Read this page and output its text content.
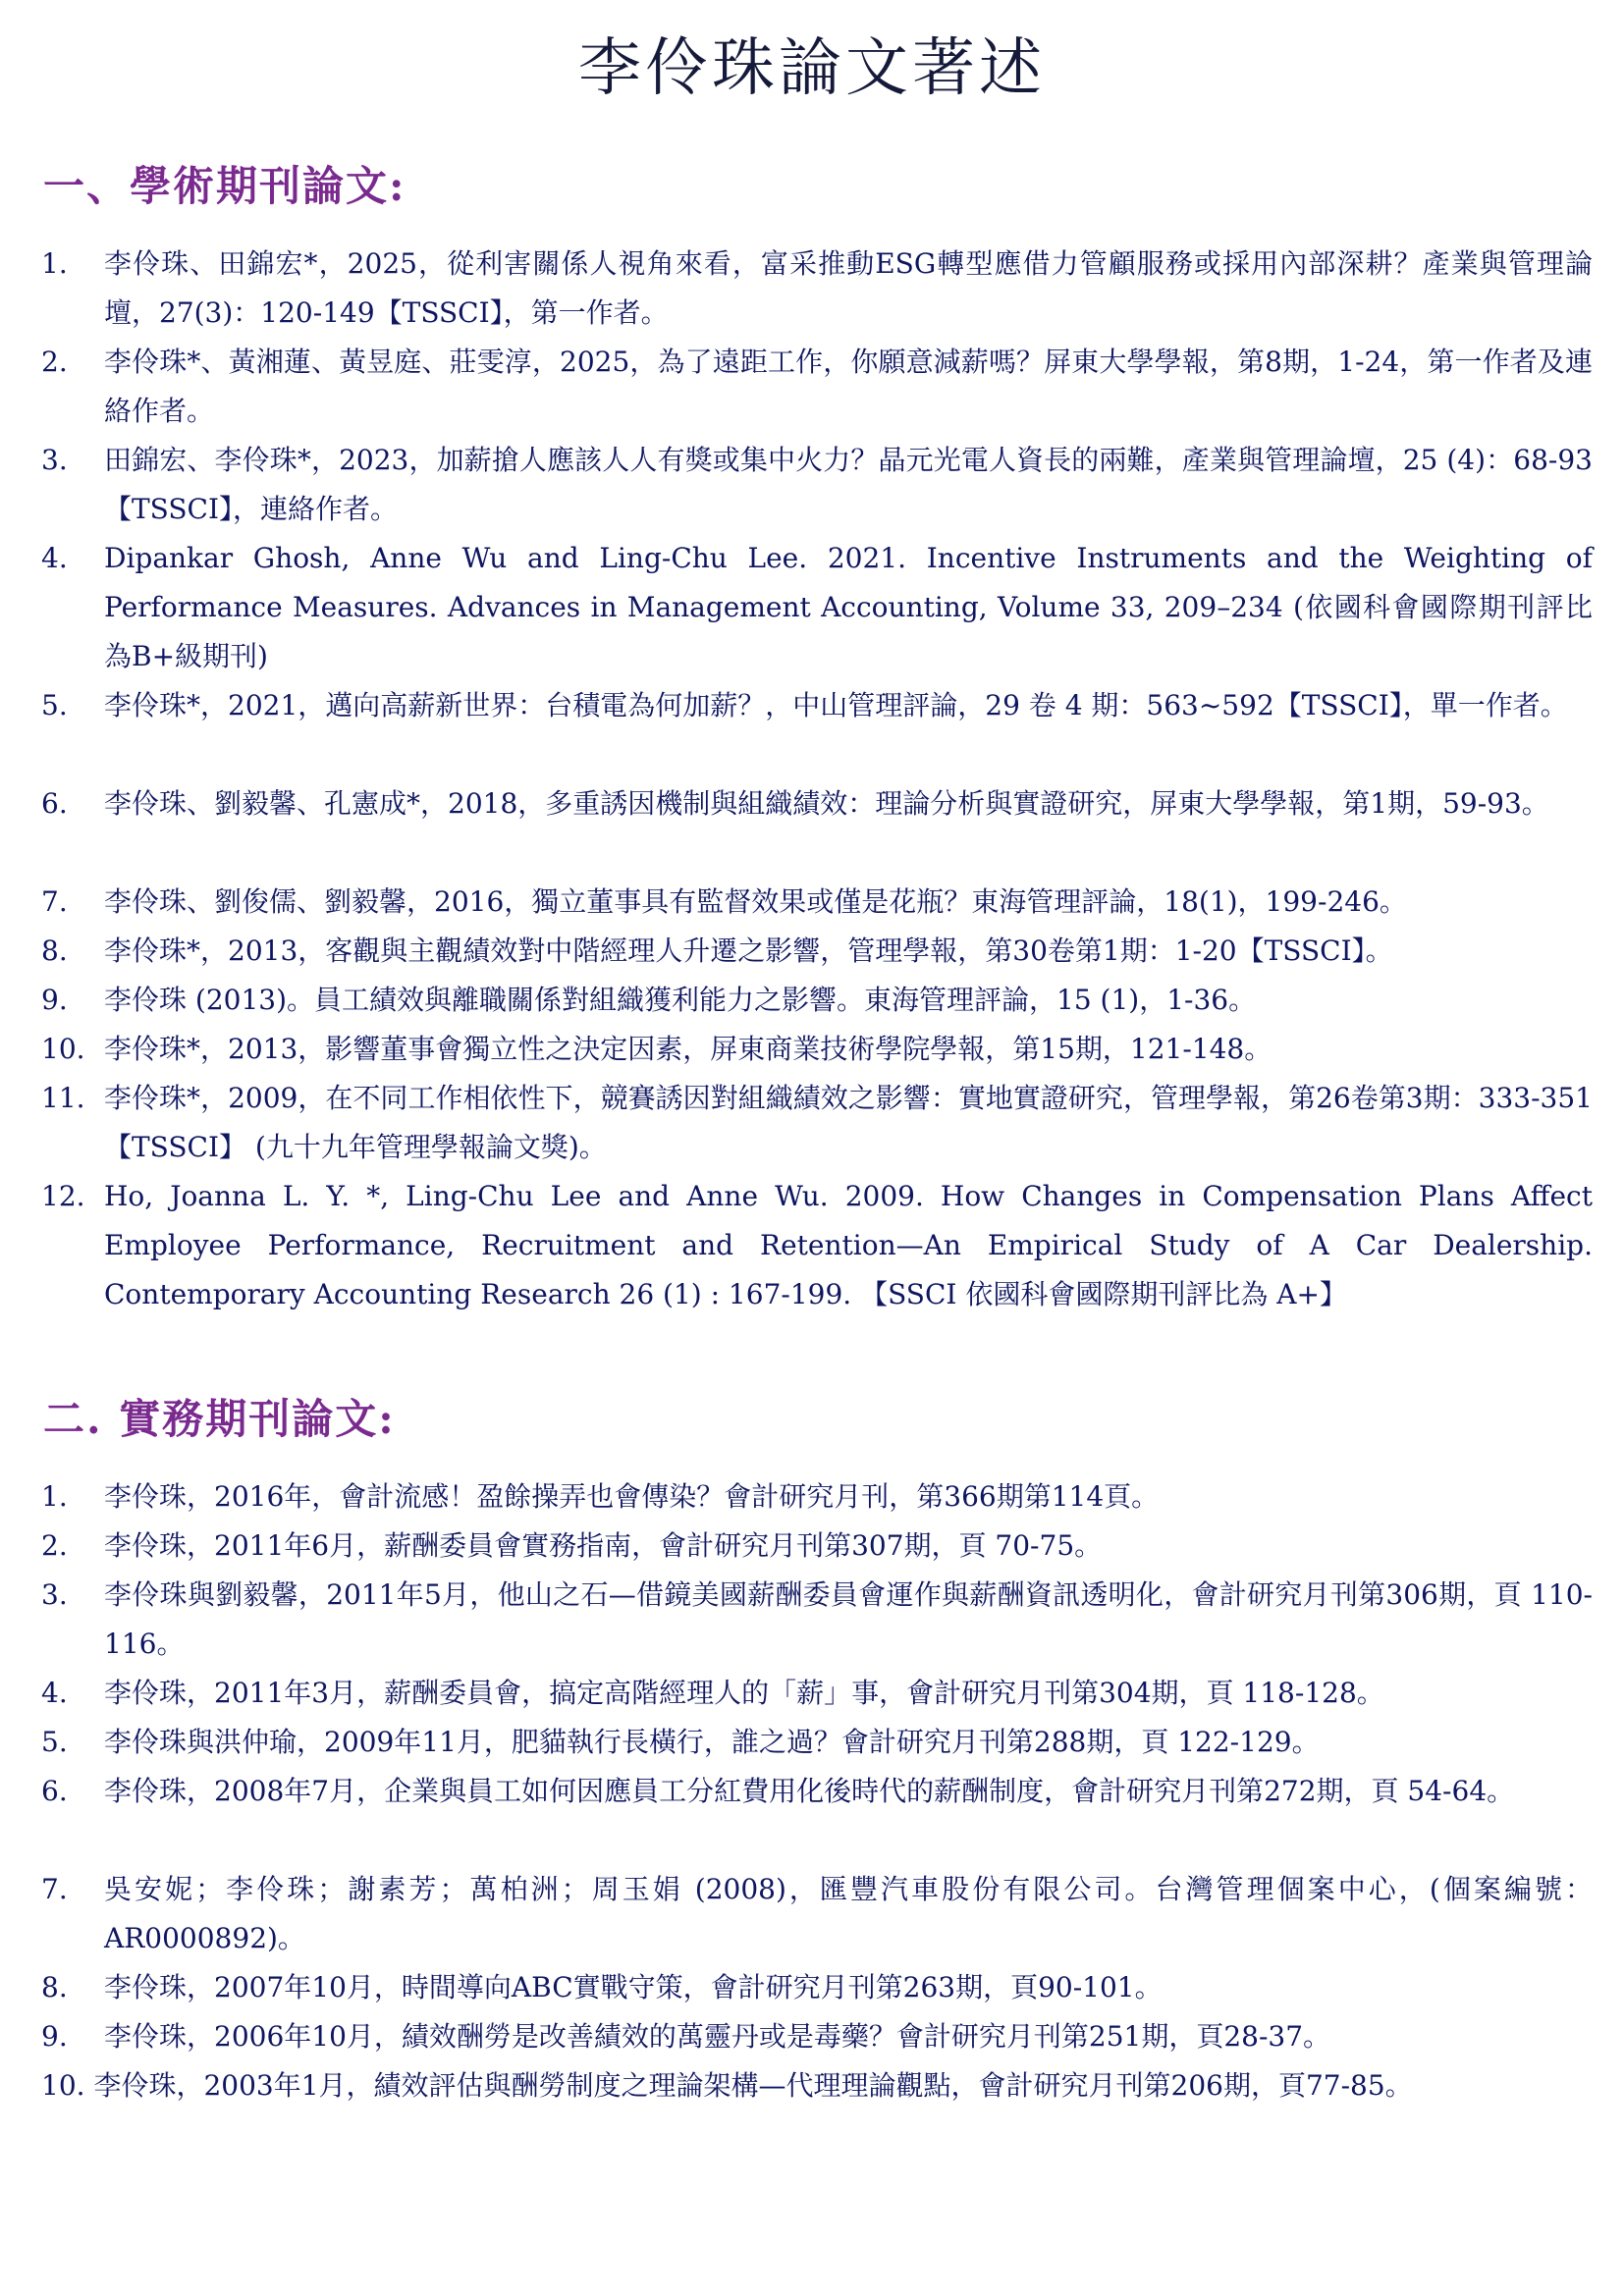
李伶珠論文著述
一、學術期刊論文:
1.	李伶珠、田錦宏*，2025，從利害關係人視角來看，富采推動ESG轉型應借力管顧服務或採用內部深耕？產業與管理論壇，27(3)：120-149【TSSCI】，第一作者。
2.	李伶珠*、黃湘蓮、黃昱庭、莊雯淳，2025，為了遠距工作，你願意減薪嗎？屏東大學學報，第8期，1-24，第一作者及連絡作者。
3.	田錦宏、李伶珠*，2023，加薪搶人應該人人有獎或集中火力？晶元光電人資長的兩難，產業與管理論壇，25 (4)：68-93【TSSCI】，連絡作者。
4.	Dipankar Ghosh, Anne Wu and Ling-Chu Lee. 2021. Incentive Instruments and the Weighting of Performance Measures. Advances in Management Accounting, Volume 33, 209–234 (依國科會國際期刊評比為B+級期刊)
5.	李伶珠*，2021，邁向高薪新世界：台積電為何加薪？，中山管理評論，29 卷 4 期：563~592【TSSCI】，單一作者。
6.	李伶珠、劉毅馨、孔憲成*，2018，多重誘因機制與組織績效：理論分析與實證研究，屏東大學學報，第1期，59-93。
7.	李伶珠、劉俊儒、劉毅馨，2016，獨立董事具有監督效果或僅是花瓶？東海管理評論，18(1)，199-246。
8.	李伶珠*，2013，客觀與主觀績效對中階經理人升遷之影響，管理學報，第30卷第1期：1-20【TSSCI】。
9.	李伶珠 (2013)。員工績效與離職關係對組織獲利能力之影響。東海管理評論，15 (1)，1-36。
10. 李伶珠*，2013，影響董事會獨立性之決定因素，屏東商業技術學院學報，第15期，121-148。
11. 李伶珠*，2009，在不同工作相依性下，競賽誘因對組織績效之影響：實地實證研究，管理學報，第26卷第3期：333-351【TSSCI】 (九十九年管理學報論文獎)。
12. Ho, Joanna L. Y. *, Ling-Chu Lee and Anne Wu. 2009. How Changes in Compensation Plans Affect Employee Performance, Recruitment and Retention—An Empirical Study of A Car Dealership. Contemporary Accounting Research 26 (1) : 167-199. 【SSCI 依國科會國際期刊評比為 A+】
二. 實務期刊論文:
1.	李伶珠，2016年，會計流感！盈餘操弄也會傳染？會計研究月刊，第366期第114頁。
2.	李伶珠，2011年6月，薪酬委員會實務指南，會計研究月刊第307期，頁 70-75。
3.	李伶珠與劉毅馨，2011年5月，他山之石—借鏡美國薪酬委員會運作與薪酬資訊透明化，會計研究月刊第306期，頁 110-116。
4.	李伶珠，2011年3月，薪酬委員會，搞定高階經理人的「薪」事，會計研究月刊第304期，頁 118-128。
5.	李伶珠與洪仲瑜，2009年11月，肥貓執行長橫行，誰之過？會計研究月刊第288期，頁 122-129。
6.	李伶珠，2008年7月，企業與員工如何因應員工分紅費用化後時代的薪酬制度，會計研究月刊第272期，頁 54-64。
7.	吳安妮；李伶珠；謝素芳；萬柏洲；周玉娟 (2008)，匯豐汽車股份有限公司。台灣管理個案中心，(個案編號：AR0000892)。
8.	李伶珠，2007年10月，時間導向ABC實戰守策，會計研究月刊第263期，頁90-101。
9.	李伶珠，2006年10月，績效酬勞是改善績效的萬靈丹或是毒藥？會計研究月刊第251期，頁28-37。
10. 李伶珠，2003年1月，績效評估與酬勞制度之理論架構—代理理論觀點，會計研究月刊第206期，頁77-85。
